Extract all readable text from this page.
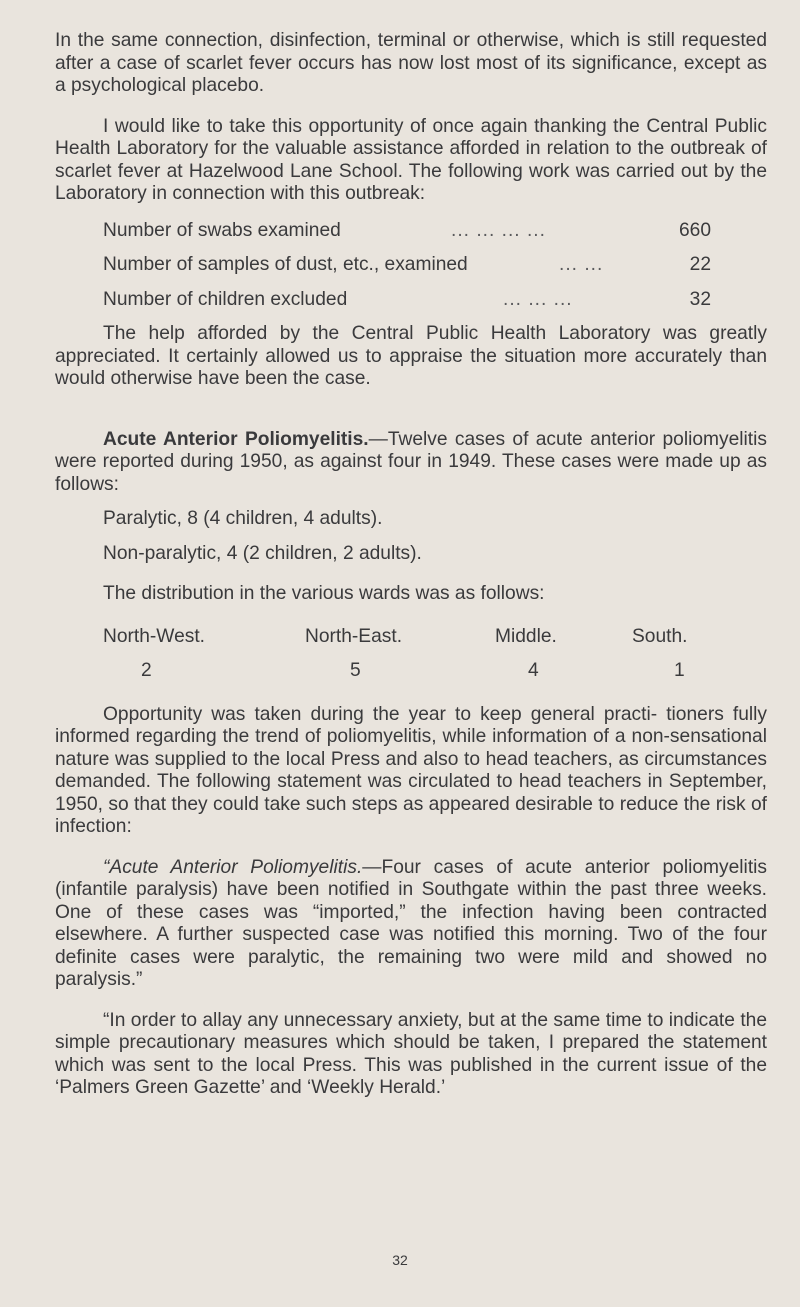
In the same connection, disinfection, terminal or otherwise, which is still requested after a case of scarlet fever occurs has now lost most of its significance, except as a psychological placebo.

I would like to take this opportunity of once again thanking the Central Public Health Laboratory for the valuable assistance afforded in relation to the outbreak of scarlet fever at Hazelwood Lane School. The following work was carried out by the Laboratory in connection with this outbreak:

Number of swabs examined	... ... ... ...	660
Number of samples of dust, etc., examined	... ...	22
Number of children excluded	... ... ...	32

The help afforded by the Central Public Health Laboratory was greatly appreciated. It certainly allowed us to appraise the situation more accurately than would otherwise have been the case.

Acute Anterior Poliomyelitis.—Twelve cases of acute anterior poliomyelitis were reported during 1950, as against four in 1949. These cases were made up as follows:

Paralytic, 8 (4 children, 4 adults).
Non-paralytic, 4 (2 children, 2 adults).

The distribution in the various wards was as follows:

North-West.	North-East.	Middle.	South.
2	5	4	1

Opportunity was taken during the year to keep general practi- tioners fully informed regarding the trend of poliomyelitis, while information of a non-sensational nature was supplied to the local Press and also to head teachers, as circumstances demanded. The following statement was circulated to head teachers in September, 1950, so that they could take such steps as appeared desirable to reduce the risk of infection:

“Acute Anterior Poliomyelitis.—Four cases of acute anterior poliomyelitis (infantile paralysis) have been notified in Southgate within the past three weeks. One of these cases was “imported,” the infection having been contracted elsewhere. A further suspected case was notified this morning. Two of the four definite cases were paralytic, the remaining two were mild and showed no paralysis.”

“In order to allay any unnecessary anxiety, but at the same time to indicate the simple precautionary measures which should be taken, I prepared the statement which was sent to the local Press. This was published in the current issue of the ‘Palmers Green Gazette’ and ‘Weekly Herald.’

32
